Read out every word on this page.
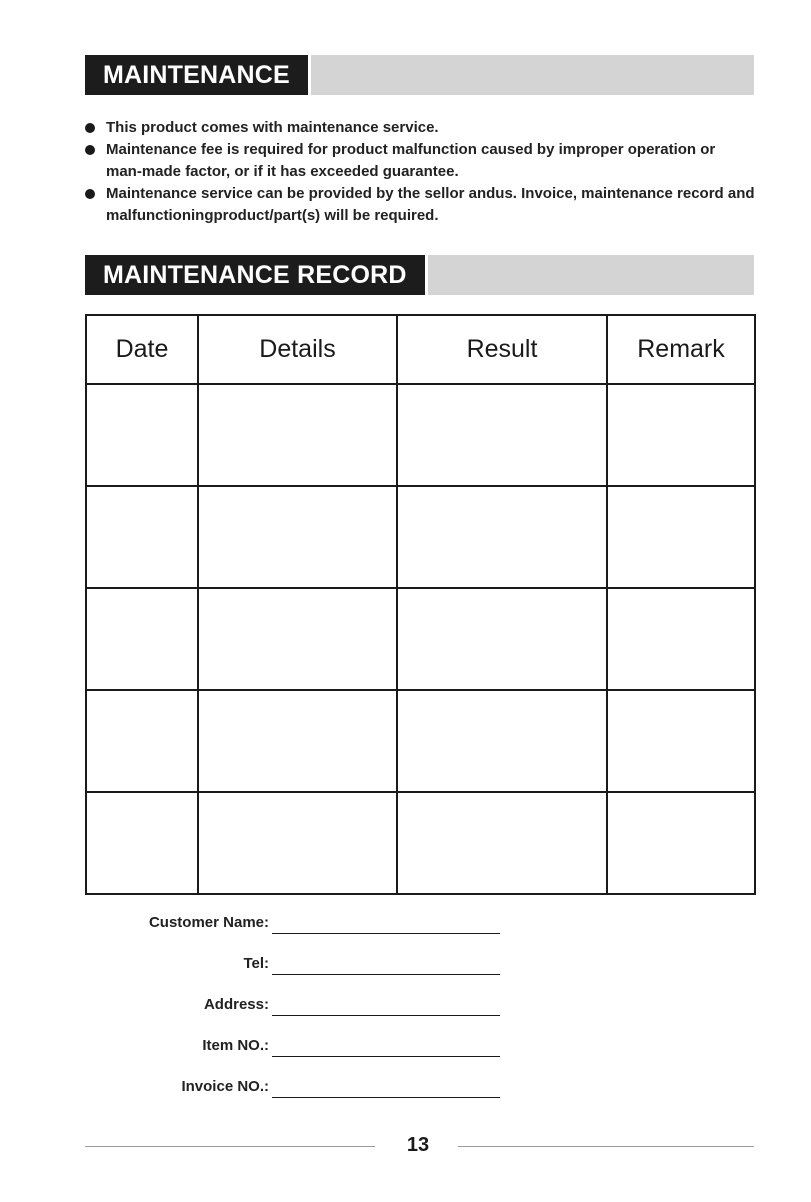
MAINTENANCE
This product comes with maintenance service.
Maintenance fee is required for product malfunction caused by improper operation or man-made factor, or if it has exceeded guarantee.
Maintenance service can be provided by the sellor andus. Invoice, maintenance record and malfunctioningproduct/part(s) will be required.
MAINTENANCE RECORD
Date	Details	Result	Remark

Customer Name:
Tel:
Address:
Item NO.:
Invoice NO.:
13
